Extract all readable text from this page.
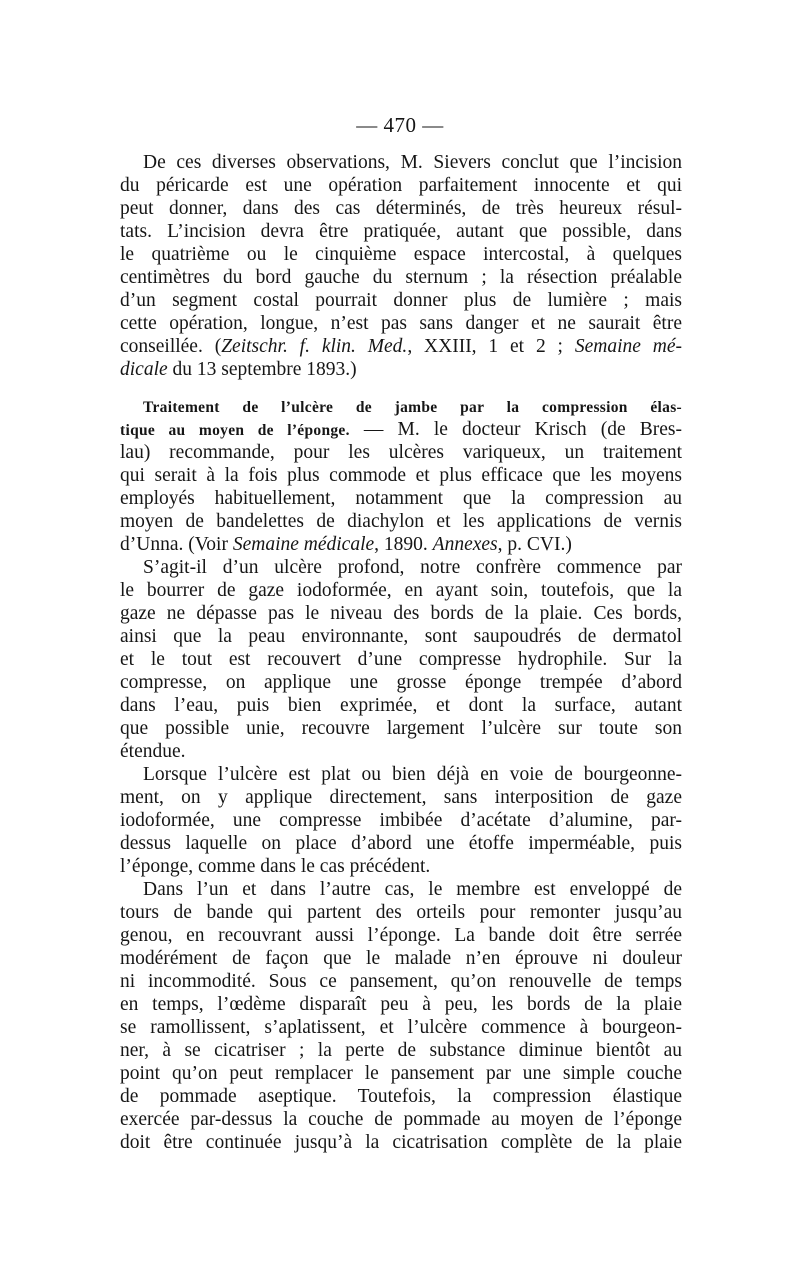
— 470 —
De ces diverses observations, M. Sievers conclut que l’incision
du péricarde est une opération parfaitement innocente et qui
peut donner, dans des cas déterminés, de très heureux résul-
tats. L’incision devra être pratiquée, autant que possible, dans
le quatrième ou le cinquième espace intercostal, à quelques
centimètres du bord gauche du sternum ; la résection préalable
d’un segment costal pourrait donner plus de lumière ; mais
cette opération, longue, n’est pas sans danger et ne saurait être
conseillée. (Zeitschr. f. klin. Med., XXIII, 1 et 2 ; Semaine mé-
dicale du 13 septembre 1893.)
Traitement de l’ulcère de jambe par la compression élas-
tique au moyen de l’éponge. — M. le docteur Krisch (de Bres-
lau) recommande, pour les ulcères variqueux, un traitement
qui serait à la fois plus commode et plus efficace que les moyens
employés habituellement, notamment que la compression au
moyen de bandelettes de diachylon et les applications de vernis
d’Unna. (Voir Semaine médicale, 1890. Annexes, p. CVI.)
S’agit-il d’un ulcère profond, notre confrère commence par
le bourrer de gaze iodoformée, en ayant soin, toutefois, que la
gaze ne dépasse pas le niveau des bords de la plaie. Ces bords,
ainsi que la peau environnante, sont saupoudrés de dermatol
et le tout est recouvert d’une compresse hydrophile. Sur la
compresse, on applique une grosse éponge trempée d’abord
dans l’eau, puis bien exprimée, et dont la surface, autant
que possible unie, recouvre largement l’ulcère sur toute son
étendue.
Lorsque l’ulcère est plat ou bien déjà en voie de bourgeonne-
ment, on y applique directement, sans interposition de gaze
iodoformée, une compresse imbibée d’acétate d’alumine, par-
dessus laquelle on place d’abord une étoffe imperméable, puis
l’éponge, comme dans le cas précédent.
Dans l’un et dans l’autre cas, le membre est enveloppé de
tours de bande qui partent des orteils pour remonter jusqu’au
genou, en recouvrant aussi l’éponge. La bande doit être serrée
modérément de façon que le malade n’en éprouve ni douleur
ni incommodité. Sous ce pansement, qu’on renouvelle de temps
en temps, l’œdème disparaît peu à peu, les bords de la plaie
se ramollissent, s’aplatissent, et l’ulcère commence à bourgeon-
ner, à se cicatriser ; la perte de substance diminue bientôt au
point qu’on peut remplacer le pansement par une simple couche
de pommade aseptique. Toutefois, la compression élastique
exercée par-dessus la couche de pommade au moyen de l’éponge
doit être continuée jusqu’à la cicatrisation complète de la plaie
